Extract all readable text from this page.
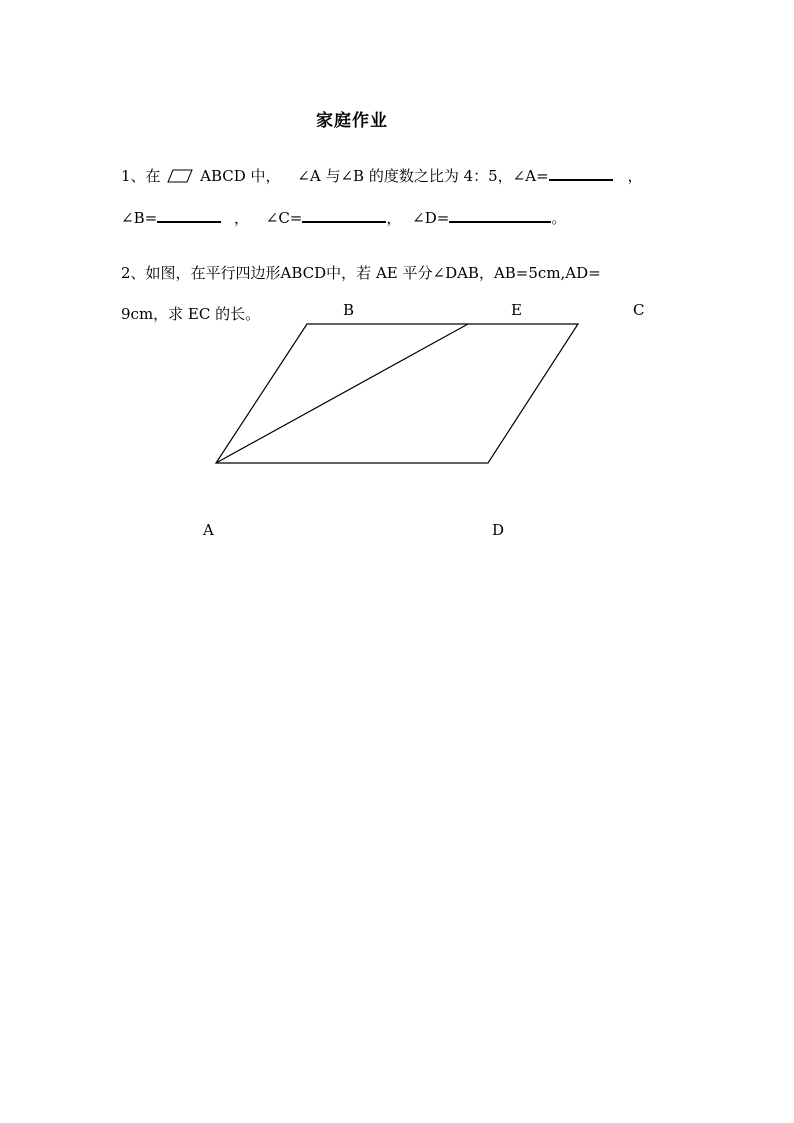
家庭作业
1、在	ABCD 中， ∠A 与∠B 的度数之比为 4：5，∠A=	，
∠B=	， ∠C=	， ∠D=	。
2、如图，在平行四边形ABCD中，若 AE 平分∠DAB，AB=5cm,AD=
9cm，求 EC 的长。	B	E	C
A	D
